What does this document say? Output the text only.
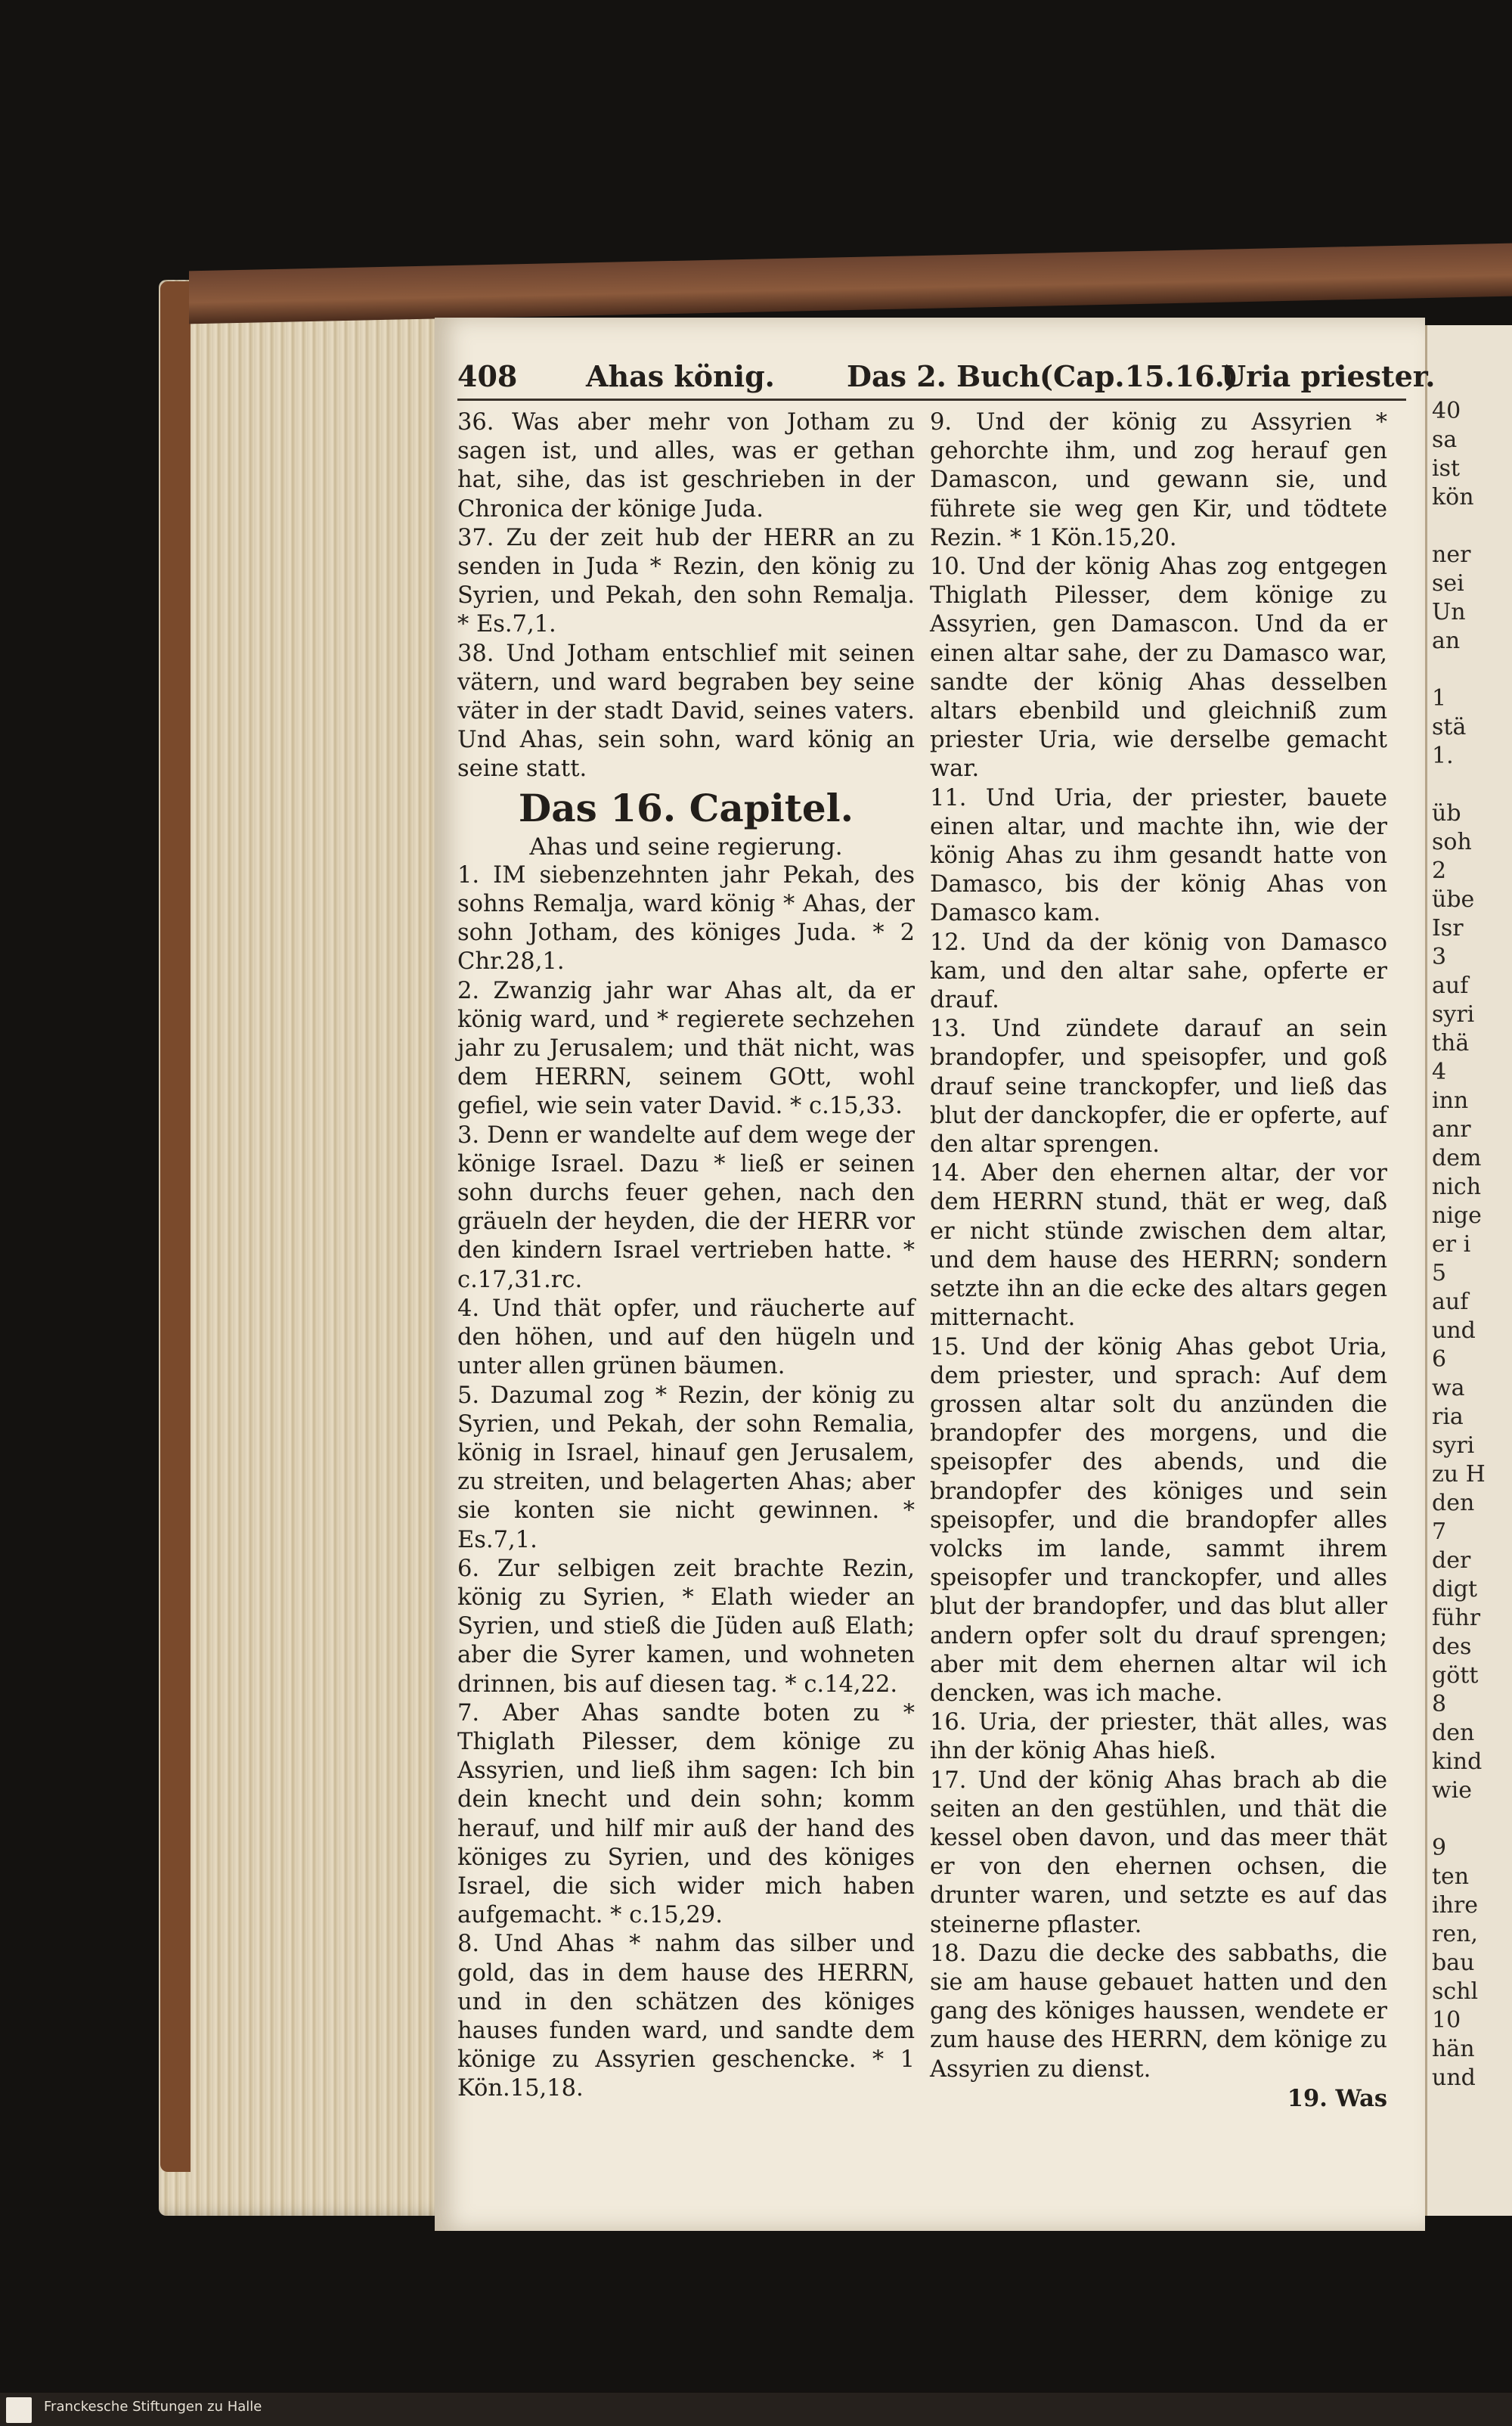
40
sa
ist
kön

ner
sei
Un
an

1
stä
1.

üb
soh
2
übe
Isr
3
auf
syri
thä
4
inn
anr
dem
nich
nige
er i
5
auf
und
6
wa
ria
syri
zu H
den
7
der
digt
führ
des
gött
8
den
kind
wie

9
ten
ihre
ren,
bau
schl
10
hän
und
408 Ahas könig.	Das 2. Buch (Cap.15.16.)
Uria priester.

36. Was aber mehr von Jotham zu sagen ist, und alles, was er gethan hat, sihe, das ist geschrieben in der Chronica der könige Juda.

37. Zu der zeit hub der HERR an zu senden in Juda * Rezin, den könig zu Syrien, und Pekah, den sohn Remalja. * Es.7,1.

38. Und Jotham entschlief mit seinen vätern, und ward begraben bey seine väter in der stadt David, seines vaters. Und Ahas, sein sohn, ward könig an seine statt.

Das 16. Capitel.

Ahas und seine regierung.

1. IM siebenzehnten jahr Pekah, des sohns Remalja, ward könig * Ahas, der sohn Jotham, des königes Juda. * 2 Chr.28,1.

2. Zwanzig jahr war Ahas alt, da er könig ward, und * regierete sechzehen jahr zu Jerusalem; und thät nicht, was dem HERRN, seinem GOtt, wohl gefiel, wie sein vater David. * c.15,33.

3. Denn er wandelte auf dem wege der könige Israel. Dazu * ließ er seinen sohn durchs feuer gehen, nach den gräueln der heyden, die der HERR vor den kindern Israel vertrieben hatte. * c.17,31.rc.

4. Und thät opfer, und räucherte auf den höhen, und auf den hügeln und unter allen grünen bäumen.

5. Dazumal zog * Rezin, der könig zu Syrien, und Pekah, der sohn Remalia, könig in Israel, hinauf gen Jerusalem, zu streiten, und belagerten Ahas; aber sie konten sie nicht gewinnen. * Es.7,1.

6. Zur selbigen zeit brachte Rezin, könig zu Syrien, * Elath wieder an Syrien, und stieß die Jüden auß Elath; aber die Syrer kamen, und wohneten drinnen, bis auf diesen tag. * c.14,22.

7. Aber Ahas sandte boten zu * Thiglath Pilesser, dem könige zu Assyrien, und ließ ihm sagen: Ich bin dein knecht und dein sohn; komm herauf, und hilf mir auß der hand des königes zu Syrien, und des königes Israel, die sich wider mich haben aufgemacht. * c.15,29.

8. Und Ahas * nahm das silber und gold, das in dem hause des HERRN, und in den schätzen des königes hauses funden ward, und sandte dem könige zu Assyrien geschencke. * 1 Kön.15,18.

9. Und der könig zu Assyrien * gehorchte ihm, und zog herauf gen Damascon, und gewann sie, und führete sie weg gen Kir, und tödtete Rezin. * 1 Kön.15,20.

10. Und der könig Ahas zog entgegen Thiglath Pilesser, dem könige zu Assyrien, gen Damascon. Und da er einen altar sahe, der zu Damasco war, sandte der könig Ahas desselben altars ebenbild und gleichniß zum priester Uria, wie derselbe gemacht war.

11. Und Uria, der priester, bauete einen altar, und machte ihn, wie der könig Ahas zu ihm gesandt hatte von Damasco, bis der könig Ahas von Damasco kam.

12. Und da der könig von Damasco kam, und den altar sahe, opferte er drauf.

13. Und zündete darauf an sein brandopfer, und speisopfer, und goß drauf seine tranckopfer, und ließ das blut der danckopfer, die er opferte, auf den altar sprengen.

14. Aber den ehernen altar, der vor dem HERRN stund, thät er weg, daß er nicht stünde zwischen dem altar, und dem hause des HERRN; sondern setzte ihn an die ecke des altars gegen mitternacht.

15. Und der könig Ahas gebot Uria, dem priester, und sprach: Auf dem grossen altar solt du anzünden die brandopfer des morgens, und die speisopfer des abends, und die brandopfer des königes und sein speisopfer, und die brandopfer alles volcks im lande, sammt ihrem speisopfer und tranckopfer, und alles blut der brandopfer, und das blut aller andern opfer solt du drauf sprengen; aber mit dem ehernen altar wil ich dencken, was ich mache.

16. Uria, der priester, thät alles, was ihn der könig Ahas hieß.

17. Und der könig Ahas brach ab die seiten an den gestühlen, und thät die kessel oben davon, und das meer thät er von den ehernen ochsen, die drunter waren, und setzte es auf das steinerne pflaster.

18. Dazu die decke des sabbaths, die sie am hause gebauet hatten und den gang des königes haussen, wendete er zum hause des HERRN, dem könige zu Assyrien zu dienst.

19. Was

Franckesche Stiftungen zu Halle
